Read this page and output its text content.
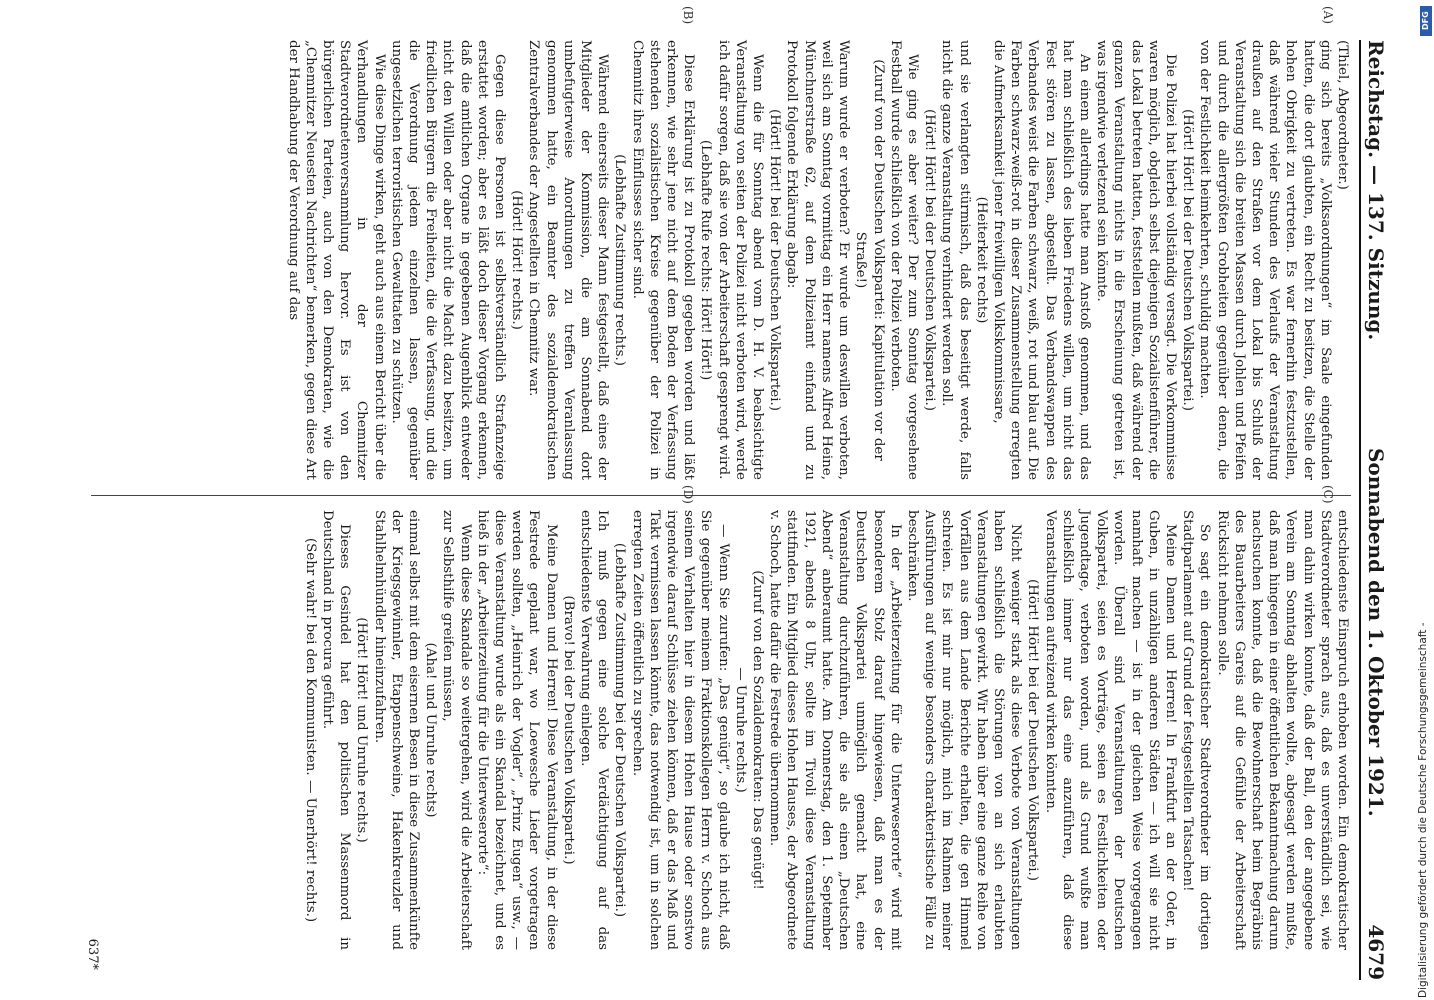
Reichstag. — 137. Sitzung.
Sonnabend den 1. Oktober 1921.
4679
(A)
(B)
(C)
(D)

(Thiel, Abgeordneter.)

ging sich bereits „Volksaordnungen“ im Saale eingefunden hatten, die dort glaubten, ein Recht zu besitzen, die Stelle der hohen Obrigkeit zu vertreten. Es war fernerhin festzustellen, daß während vieler Stunden des Verlaufs der Veranstaltung draußen auf den Straßen vor dem Lokal bis Schluß der Veranstaltung sich die breiten Massen durch Johlen und Pfeifen und durch die allergrößten Grobheiten gegenüber denen, die von der Festlichkeit heimkehrten, schuldig machten.

(Hört! Hört! bei der Deutschen Volkspartei.)

Die Polizei hat hierbei vollständig versagt. Die Vorkommnisse waren möglich, obgleich selbst diejenigen Sozialistenführer, die das Lokal betreten hatten, feststellen mußten, daß während der ganzen Veranstaltung nichts in die Erscheinung getreten ist, was irgendwie verletzend sein könnte.

An einem allerdings hatte man Anstoß genommen, und das hat man schließlich des lieben Friedens willen, um nicht das Fest stören zu lassen, abgestellt. Das Verbandswappen des Verbandes weist die Farben schwarz, weiß, rot und blau auf. Die Farben schwarz-weiß-rot in dieser Zusammenstellung erregten die Aufmerksamkeit jener freiwilligen Volkskommissare,

(Heiterkeit rechts)

und sie verlangten stürmisch, daß das beseitigt werde, falls nicht die ganze Veranstaltung verhindert werden soll.

(Hört! Hört! bei der Deutschen Volkspartei.)

Wie ging es aber weiter? Der zum Sonntag vorgesehene Festball wurde schließlich von der Polizei verboten.

(Zuruf von der Deutschen Volkspartei: Kapitulation vor der Straße!)

Warum wurde er verboten? Er wurde um deswillen verboten, weil sich am Sonntag vormittag ein Herr namens Alfred Heine, Münchnerstraße 62, auf dem Polizeiamt einfand und zu Protokoll folgende Erklärung abgab:

(Hört! Hört! bei der Deutschen Volkspartei.)

Wenn die für Sonntag abend vom D. H. V. beabsichtigte Veranstaltung von seiten der Polizei nicht verboten wird, werde ich dafür sorgen, daß sie von der Arbeiterschaft gesprengt wird.

(Lebhafte Rufe rechts: Hört! Hört!)

Diese Erklärung ist zu Protokoll gegeben worden und läßt erkennen, wie sehr jene nicht auf dem Boden der Verfassung stehenden sozialistischen Kreise gegenüber der Polizei in Chemnitz ihres Einflusses sicher sind.

(Lebhafte Zustimmung rechts.)

Während einerseits dieser Mann festgestellt, daß eines der Mitglieder der Kommission, die am Sonnabend dort umbefugterweise Anordnungen zu treffen Veranlassung genommen hatte, ein Beamter des sozialdemokratischen Zentralverbandes der Angestellten in Chemnitz war.

(Hört! Hört! rechts.)

Gegen diese Personen ist selbstverständlich Strafanzeige erstattet worden; aber es läßt doch dieser Vorgang erkennen, daß die amtlichen Organe in gegebenen Augenblick entweder nicht den Willen oder aber nicht die Macht dazu besitzen, um friedlichen Bürgern die Freiheiten, die die Verfassung, und die die Verordnung jedem einzelnen lassen, gegenüber ungesetzlichen terroristischen Gewalttaten zu schützen.

Wie diese Dinge wirken, geht auch aus einem Bericht über die Verhandlungen in der Chemnitzer Stadtverordnetenversammlung hervor. Es ist von den bürgerlichen Parteien, auch von den Demokraten, wie die „Chemnitzer Neuesten Nachrichten“ bemerken, gegen diese Art der Handhabung der Verordnung auf das

entschiedenste Einspruch erhoben worden. Ein demokratischer Stadtverordneter sprach aus, daß es unverständlich sei, wie man dahin wirken konnte, daß der Ball, den der angegebene Verein am Sonntag abhalten wollte, abgesagt werden mußte, daß man hingegen in einer öffentlichen Bekanntmachung darum nachsuchen konnte, daß die Bewohnerschaft beim Begräbnis des Bauarbeiters Gareis auf die Gefühle der Arbeiterschaft Rücksicht nehmen solle.

So sagt ein demokratischer Stadtverordneter im dortigen Stadtparlament auf Grund der festgestellten Tatsachen!

Meine Damen und Herren! In Frankfurt an der Oder, in Guben, in unzähligen anderen Städten — ich will sie nicht namhaft machen — ist in der gleichen Weise vorgegangen worden. Überall sind Veranstaltungen der Deutschen Volkspartei, seien es Vorträge, seien es Festlichkeiten oder Jugendtage, verboten worden, und als Grund wußte man schließlich immer nur das eine anzuführen, daß diese Veranstaltungen aufreizend wirken könnten.

(Hört! Hört! bei der Deutschen Volkspartei.)

Nicht weniger stark als diese Verbote von Veranstaltungen haben schließlich die Störungen von an sich erlaubten Veranstaltungen gewirkt. Wir haben über eine ganze Reihe von Vorfällen aus dem Lande Berichte erhalten, die gen Himmel schreien. Es ist mir nur möglich, mich im Rahmen meiner Ausführungen auf wenige besonders charakteristische Fälle zu beschränken.

In der „Arbeiterzeitung für die Unterweserorte“ wird mit besonderem Stolz darauf hingewiesen, daß man es der Deutschen Volkspartei unmöglich gemacht hat, eine Veranstaltung durchzuführen, die sie als einen „Deutschen Abend“ anberaumt hatte. Am Donnerstag, den 1. September 1921, abends 8 Uhr, sollte im Tivoli diese Veranstaltung stattfinden. Ein Mitglied dieses Hohen Hauses, der Abgeordnete v. Schoch, hatte dafür die Festrede übernommen.

(Zuruf von den Sozialdemokraten: Das genügt!

— Unruhe rechts.)

— Wenn Sie zurufen: „Das genügt“, so glaube ich nicht, daß Sie gegenüber meinem Fraktionskollegen Herrn v. Schoch aus seinem Verhalten hier in diesem Hohen Hause oder sonstwo irgendwie darauf Schlüsse ziehen können, daß er das Maß und Takt vermissen lassen könnte, das notwendig ist, um in solchen erregten Zeiten öffentlich zu sprechen.

(Lebhafte Zustimmung bei der Deutschen Volkspartei.)

Ich muß gegen eine solche Verdächtigung auf das entschiedenste Verwahrung einlegen.

(Bravo! bei der Deutschen Volkspartei.)

Meine Damen und Herren! Diese Veranstaltung, in der diese Festrede geplant war, wo Loewesche Lieder vorgetragen werden sollten, „Heinrich der Vogler“, „Prinz Eugen“ usw., — diese Veranstaltung wurde als ein Skandal bezeichnet, und es hieß in der „Arbeiterzeitung für die Unterweserorte“:

Wenn diese Skandale so weitergehen, wird die Arbeiterschaft zur Selbsthilfe greifen müssen,

(Aha! und Unruhe rechts)

einmal selbst mit dem eisernen Besen in diese Zusammenkünfte der Kriegsgewinnler, Etappenschweine, Hakenkreuzler und Stahlhelmhündler hineinzufahren.

(Hört! Hört! und Unruhe rechts.)

Dieses Gesindel hat den politischen Massenmord in Deutschland in procura geführt.

(Sehr wahr! bei den Kommunisten. — Unerhört! rechts.)

637*
DFG
Digitalisierung gefördert durch die Deutsche Forschungsgemeinschaft -
